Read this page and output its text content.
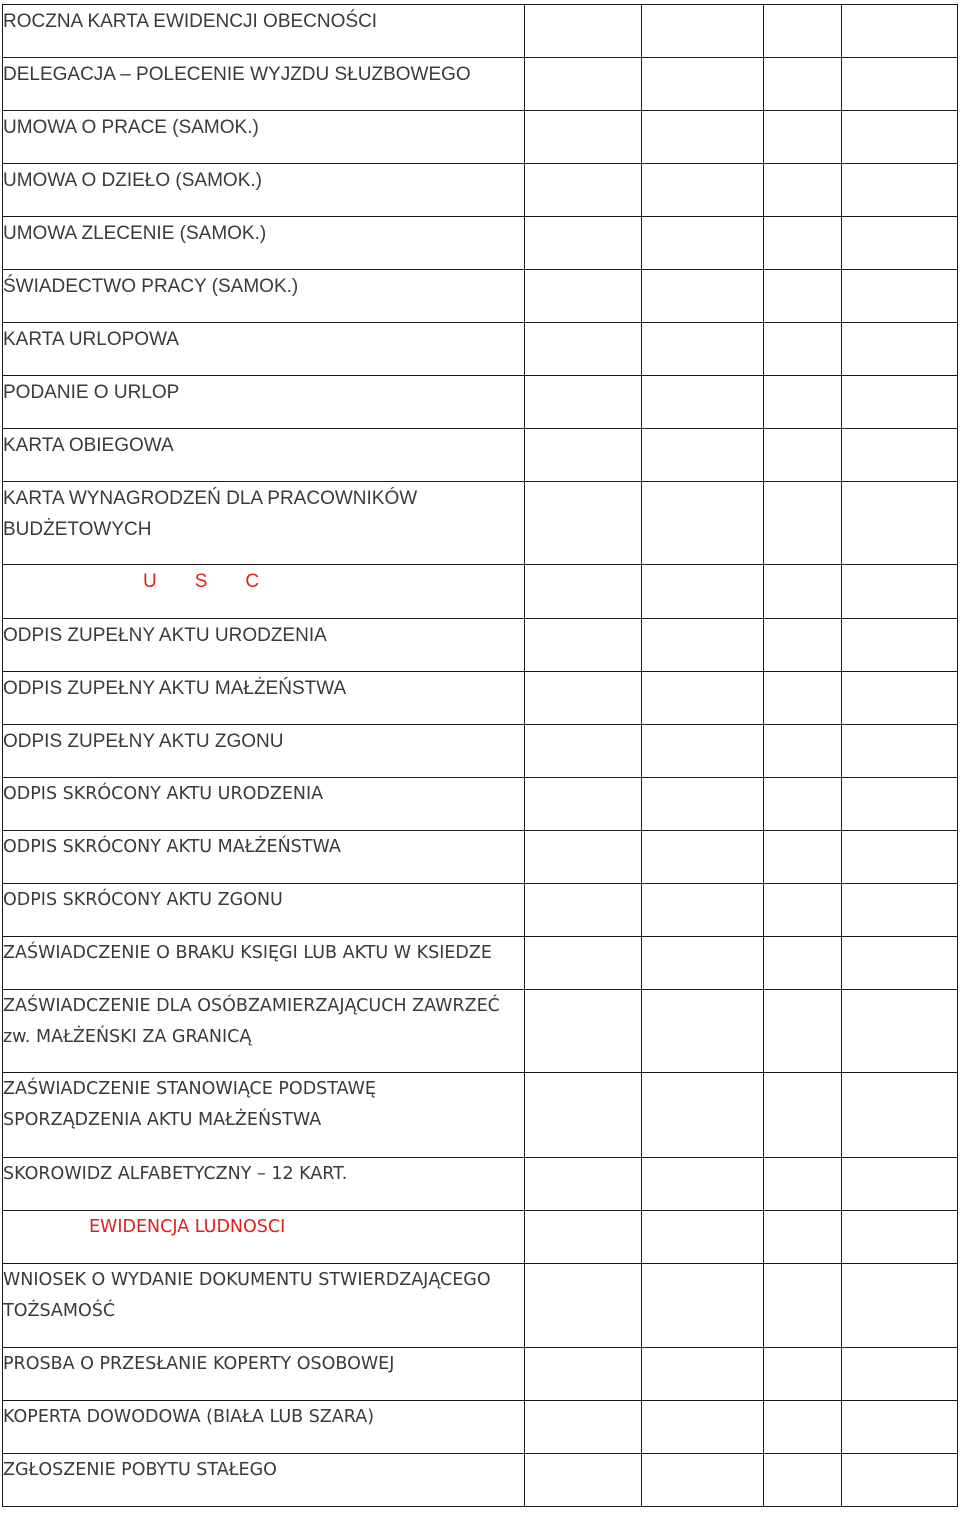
ROCZNA KARTA EWIDENCJI OBECNOŚCI				
DELEGACJA – POLECENIE WYJZDU SŁUZBOWEGO				
UMOWA O PRACE (SAMOK.)				
UMOWA O DZIEŁO (SAMOK.)				
UMOWA ZLECENIE (SAMOK.)				
ŚWIADECTWO PRACY (SAMOK.)				
KARTA URLOPOWA				
PODANIE O URLOP				
KARTA OBIEGOWA				

KARTA WYNAGRODZEŃ DLA PRACOWNIKÓW
BUDŻETOWYCH				

U S C				
ODPIS ZUPEŁNY AKTU URODZENIA				
ODPIS ZUPEŁNY AKTU MAŁŻEŃSTWA				
ODPIS ZUPEŁNY AKTU ZGONU				
ODPIS SKRÓCONY AKTU URODZENIA				
ODPIS SKRÓCONY AKTU MAŁŻEŃSTWA				
ODPIS SKRÓCONY AKTU ZGONU				
ZAŚWIADCZENIE O BRAKU KSIĘGI LUB AKTU W KSIEDZE				

ZAŚWIADCZENIE DLA OSÓBZAMIERZAJĄCUCH ZAWRZEĆ
zw. MAŁŻEŃSKI ZA GRANICĄ				

ZAŚWIADCZENIE STANOWIĄCE PODSTAWĘ
SPORZĄDZENIA AKTU MAŁŻEŃSTWA				

SKOROWIDZ ALFABETYCZNY – 12 KART.				
EWIDENCJA LUDNOSCI				

WNIOSEK O WYDANIE DOKUMENTU STWIERDZAJĄCEGO
TOŻSAMOŚĆ				

PROSBA O PRZESŁANIE KOPERTY OSOBOWEJ				
KOPERTA DOWODOWA (BIAŁA LUB SZARA)				
ZGŁOSZENIE POBYTU STAŁEGO				
